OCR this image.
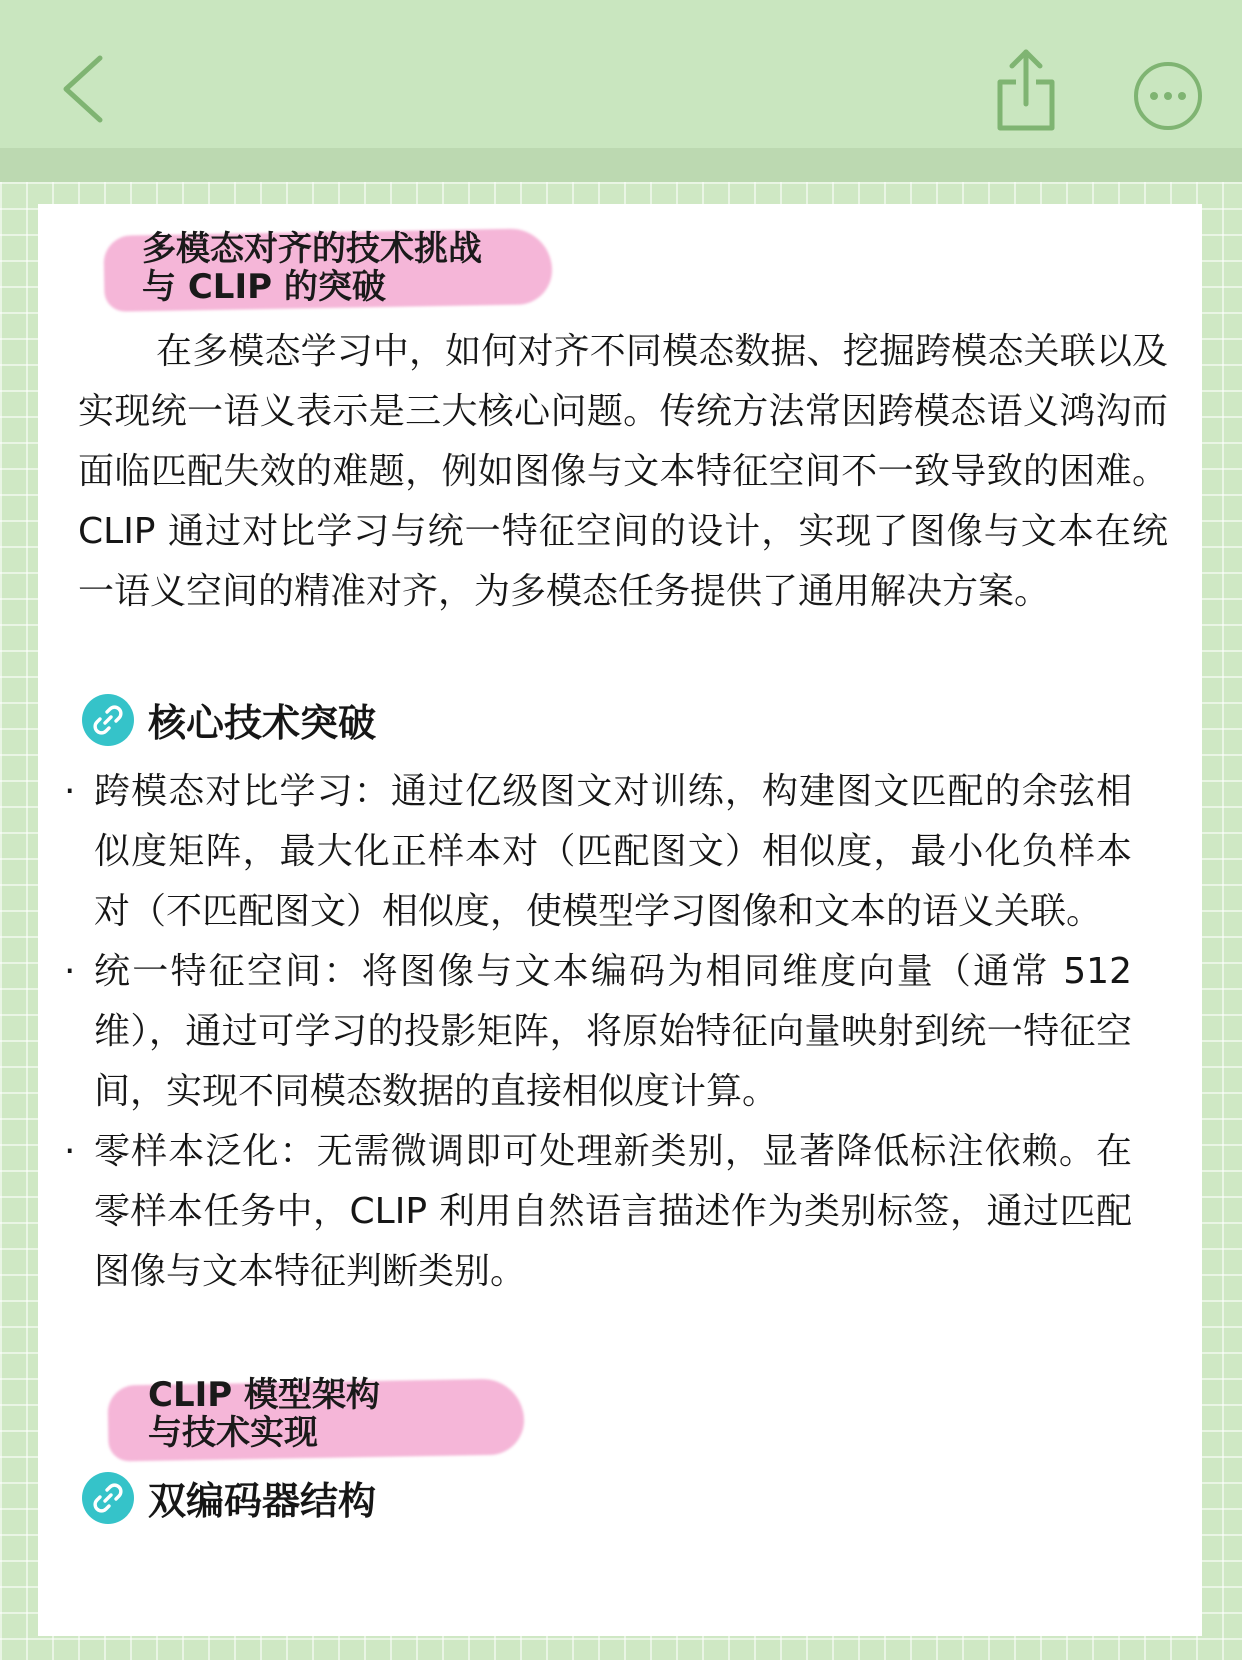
多模态对齐的技术挑战
与 CLIP 的突破

在多模态学习中，如何对齐不同模态数据、挖掘跨模态关联以及实现统一语义表示是三大核心问题。传统方法常因跨模态语义鸿沟而面临匹配失效的难题，例如图像与文本特征空间不一致导致的困难。CLIP 通过对比学习与统一特征空间的设计，实现了图像与文本在统一语义空间的精准对齐，为多模态任务提供了通用解决方案。

核心技术突破
· 跨模态对比学习：通过亿级图文对训练，构建图文匹配的余弦相似度矩阵，最大化正样本对（匹配图文）相似度，最小化负样本对（不匹配图文）相似度，使模型学习图像和文本的语义关联。
· 统一特征空间：将图像与文本编码为相同维度向量（通常 512 维），通过可学习的投影矩阵，将原始特征向量映射到统一特征空间，实现不同模态数据的直接相似度计算。
· 零样本泛化：无需微调即可处理新类别，显著降低标注依赖。在零样本任务中，CLIP 利用自然语言描述作为类别标签，通过匹配图像与文本特征判断类别。
CLIP 模型架构
与技术实现
双编码器结构
